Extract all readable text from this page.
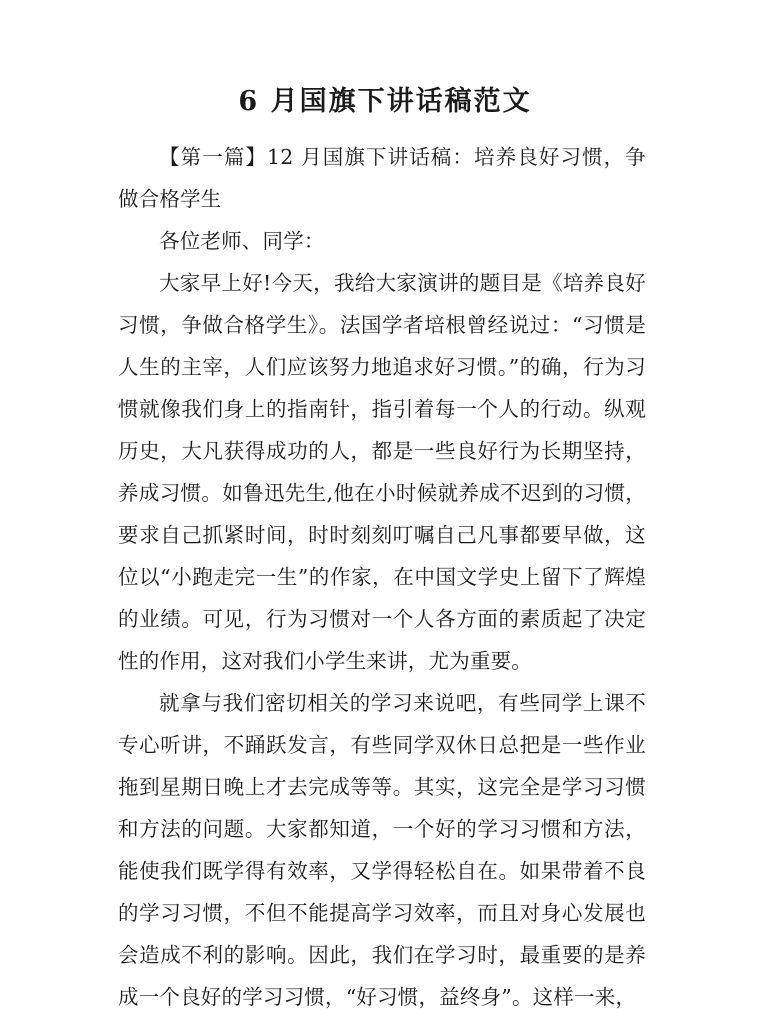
6 月国旗下讲话稿范文

【第一篇】12 月国旗下讲话稿：培养良好习惯，争做合格学生

各位老师、同学：

大家早上好!今天，我给大家演讲的题目是《培养良好习惯，争做合格学生》。法国学者培根曾经说过：“习惯是人生的主宰，人们应该努力地追求好习惯。”的确，行为习惯就像我们身上的指南针，指引着每一个人的行动。纵观历史，大凡获得成功的人，都是一些良好行为长期坚持，养成习惯。如鲁迅先生,他在小时候就养成不迟到的习惯，要求自己抓紧时间，时时刻刻叮嘱自己凡事都要早做，这位以“小跑走完一生”的作家，在中国文学史上留下了辉煌的业绩。可见，行为习惯对一个人各方面的素质起了决定性的作用，这对我们小学生来讲，尤为重要。

就拿与我们密切相关的学习来说吧，有些同学上课不专心听讲，不踊跃发言，有些同学双休日总把是一些作业拖到星期日晚上才去完成等等。其实，这完全是学习习惯和方法的问题。大家都知道，一个好的学习习惯和方法，能使我们既学得有效率，又学得轻松自在。如果带着不良的学习习惯，不但不能提高学习效率，而且对身心发展也会造成不利的影响。因此，我们在学习时，最重要的是养成一个良好的学习习惯，“好习惯，益终身”。这样一来，
